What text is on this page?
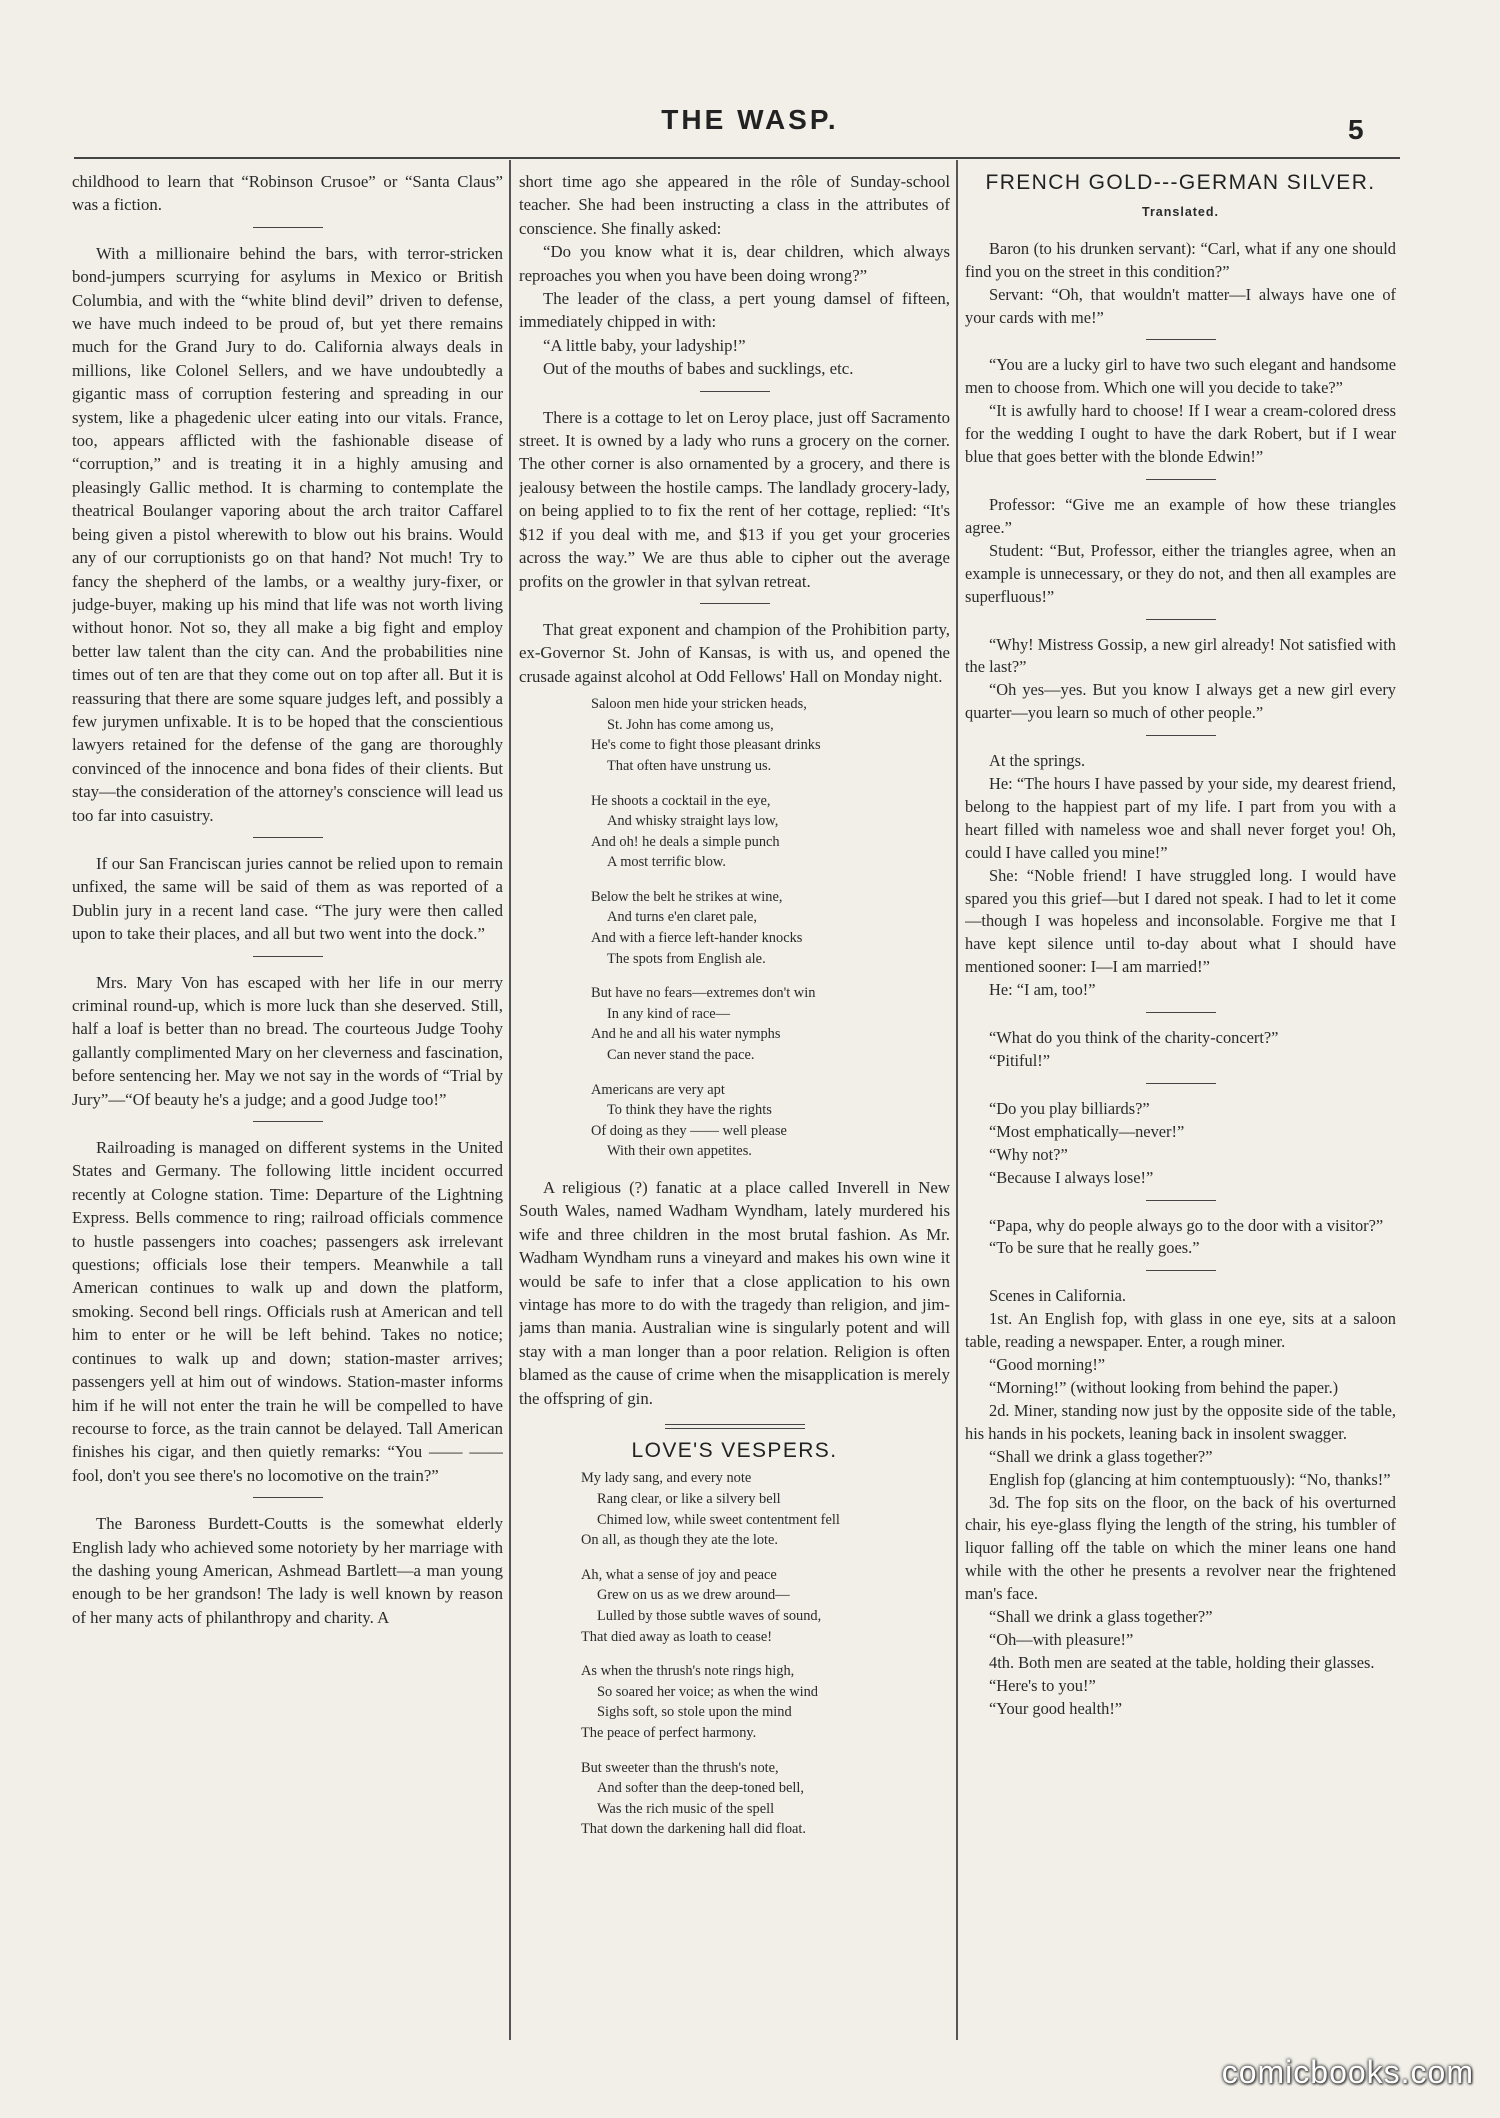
THE WASP.	5

childhood to learn that “Robinson Crusoe” or “Santa Claus” was a fiction.

With a millionaire behind the bars, with terror-stricken bond-jumpers scurrying for asylums in Mexico or British Columbia, and with the “white blind devil” driven to defense, we have much indeed to be proud of, but yet there remains much for the Grand Jury to do. California always deals in millions, like Colonel Sellers, and we have undoubtedly a gigantic mass of corruption festering and spreading in our system, like a phagedenic ulcer eating into our vitals. France, too, appears afflicted with the fashionable disease of “corruption,” and is treating it in a highly amusing and pleasingly Gallic method. It is charming to contemplate the theatrical Boulanger vaporing about the arch traitor Caffarel being given a pistol wherewith to blow out his brains. Would any of our corruptionists go on that hand? Not much! Try to fancy the shepherd of the lambs, or a wealthy jury-fixer, or judge-buyer, making up his mind that life was not worth living without honor. Not so, they all make a big fight and employ better law talent than the city can. And the probabilities nine times out of ten are that they come out on top after all. But it is reassuring that there are some square judges left, and possibly a few jurymen unfixable. It is to be hoped that the conscientious lawyers retained for the defense of the gang are thoroughly convinced of the innocence and bona fides of their clients. But stay—the consideration of the attorney's conscience will lead us too far into casuistry.

If our San Franciscan juries cannot be relied upon to remain unfixed, the same will be said of them as was reported of a Dublin jury in a recent land case. “The jury were then called upon to take their places, and all but two went into the dock.”

Mrs. Mary Von has escaped with her life in our merry criminal round-up, which is more luck than she deserved. Still, half a loaf is better than no bread. The courteous Judge Toohy gallantly complimented Mary on her cleverness and fascination, before sentencing her. May we not say in the words of “Trial by Jury”—“Of beauty he's a judge; and a good Judge too!”

Railroading is managed on different systems in the United States and Germany. The following little incident occurred recently at Cologne station. Time: Departure of the Lightning Express. Bells commence to ring; railroad officials commence to hustle passengers into coaches; passengers ask irrelevant questions; officials lose their tempers. Meanwhile a tall American continues to walk up and down the platform, smoking. Second bell rings. Officials rush at American and tell him to enter or he will be left behind. Takes no notice; continues to walk up and down; station-master arrives; passengers yell at him out of windows. Station-master informs him if he will not enter the train he will be compelled to have recourse to force, as the train cannot be delayed. Tall American finishes his cigar, and then quietly remarks: “You —— —— fool, don't you see there's no locomotive on the train?”

The Baroness Burdett-Coutts is the somewhat elderly English lady who achieved some notoriety by her marriage with the dashing young American, Ashmead Bartlett—a man young enough to be her grandson! The lady is well known by reason of her many acts of philanthropy and charity. A

short time ago she appeared in the rôle of Sunday-school teacher. She had been instructing a class in the attributes of conscience. She finally asked:

“Do you know what it is, dear children, which always reproaches you when you have been doing wrong?”

The leader of the class, a pert young damsel of fifteen, immediately chipped in with:

“A little baby, your ladyship!”

Out of the mouths of babes and sucklings, etc.

There is a cottage to let on Leroy place, just off Sacramento street. It is owned by a lady who runs a grocery on the corner. The other corner is also ornamented by a grocery, and there is jealousy between the hostile camps. The landlady grocery-lady, on being applied to to fix the rent of her cottage, replied: “It's $12 if you deal with me, and $13 if you get your groceries across the way.” We are thus able to cipher out the average profits on the growler in that sylvan retreat.

That great exponent and champion of the Prohibition party, ex-Governor St. John of Kansas, is with us, and opened the crusade against alcohol at Odd Fellows' Hall on Monday night.

Saloon men hide your stricken heads,
St. John has come among us,
He's come to fight those pleasant drinks
That often have unstrung us.
He shoots a cocktail in the eye,
And whisky straight lays low,
And oh! he deals a simple punch
A most terrific blow.
Below the belt he strikes at wine,
And turns e'en claret pale,
And with a fierce left-hander knocks
The spots from English ale.
But have no fears—extremes don't win
In any kind of race—
And he and all his water nymphs
Can never stand the pace.
Americans are very apt
To think they have the rights
Of doing as they —— well please
With their own appetites.

A religious (?) fanatic at a place called Inverell in New South Wales, named Wadham Wyndham, lately murdered his wife and three children in the most brutal fashion. As Mr. Wadham Wyndham runs a vineyard and makes his own wine it would be safe to infer that a close application to his own vintage has more to do with the tragedy than religion, and jim-jams than mania. Australian wine is singularly potent and will stay with a man longer than a poor relation. Religion is often blamed as the cause of crime when the misapplication is merely the offspring of gin.

LOVE'S VESPERS.
My lady sang, and every note
Rang clear, or like a silvery bell
Chimed low, while sweet contentment fell
On all, as though they ate the lote.
Ah, what a sense of joy and peace
Grew on us as we drew around—
Lulled by those subtle waves of sound,
That died away as loath to cease!
As when the thrush's note rings high,
So soared her voice; as when the wind
Sighs soft, so stole upon the mind
The peace of perfect harmony.
But sweeter than the thrush's note,
And softer than the deep-toned bell,
Was the rich music of the spell
That down the darkening hall did float.
FRENCH GOLD---GERMAN SILVER.
Translated.

Baron (to his drunken servant): “Carl, what if any one should find you on the street in this condition?”

Servant: “Oh, that wouldn't matter—I always have one of your cards with me!”

“You are a lucky girl to have two such elegant and handsome men to choose from. Which one will you decide to take?”

“It is awfully hard to choose! If I wear a cream-colored dress for the wedding I ought to have the dark Robert, but if I wear blue that goes better with the blonde Edwin!”

Professor: “Give me an example of how these triangles agree.”

Student: “But, Professor, either the triangles agree, when an example is unnecessary, or they do not, and then all examples are superfluous!”

“Why! Mistress Gossip, a new girl already! Not satisfied with the last?”

“Oh yes—yes. But you know I always get a new girl every quarter—you learn so much of other people.”

At the springs.

He: “The hours I have passed by your side, my dearest friend, belong to the happiest part of my life. I part from you with a heart filled with nameless woe and shall never forget you! Oh, could I have called you mine!”

She: “Noble friend! I have struggled long. I would have spared you this grief—but I dared not speak. I had to let it come—though I was hopeless and inconsolable. Forgive me that I have kept silence until to-day about what I should have mentioned sooner: I—I am married!”

He: “I am, too!”

“What do you think of the charity-concert?”

“Pitiful!”

“Do you play billiards?”

“Most emphatically—never!”

“Why not?”

“Because I always lose!”

“Papa, why do people always go to the door with a visitor?”

“To be sure that he really goes.”

Scenes in California.

1st. An English fop, with glass in one eye, sits at a saloon table, reading a newspaper. Enter, a rough miner.

“Good morning!”

“Morning!” (without looking from behind the paper.)

2d. Miner, standing now just by the opposite side of the table, his hands in his pockets, leaning back in insolent swagger.

“Shall we drink a glass together?”

English fop (glancing at him contemptuously): “No, thanks!”

3d. The fop sits on the floor, on the back of his overturned chair, his eye-glass flying the length of the string, his tumbler of liquor falling off the table on which the miner leans one hand while with the other he presents a revolver near the frightened man's face.

“Shall we drink a glass together?”

“Oh—with pleasure!”

4th. Both men are seated at the table, holding their glasses.

“Here's to you!”

“Your good health!”

comicbooks.com
